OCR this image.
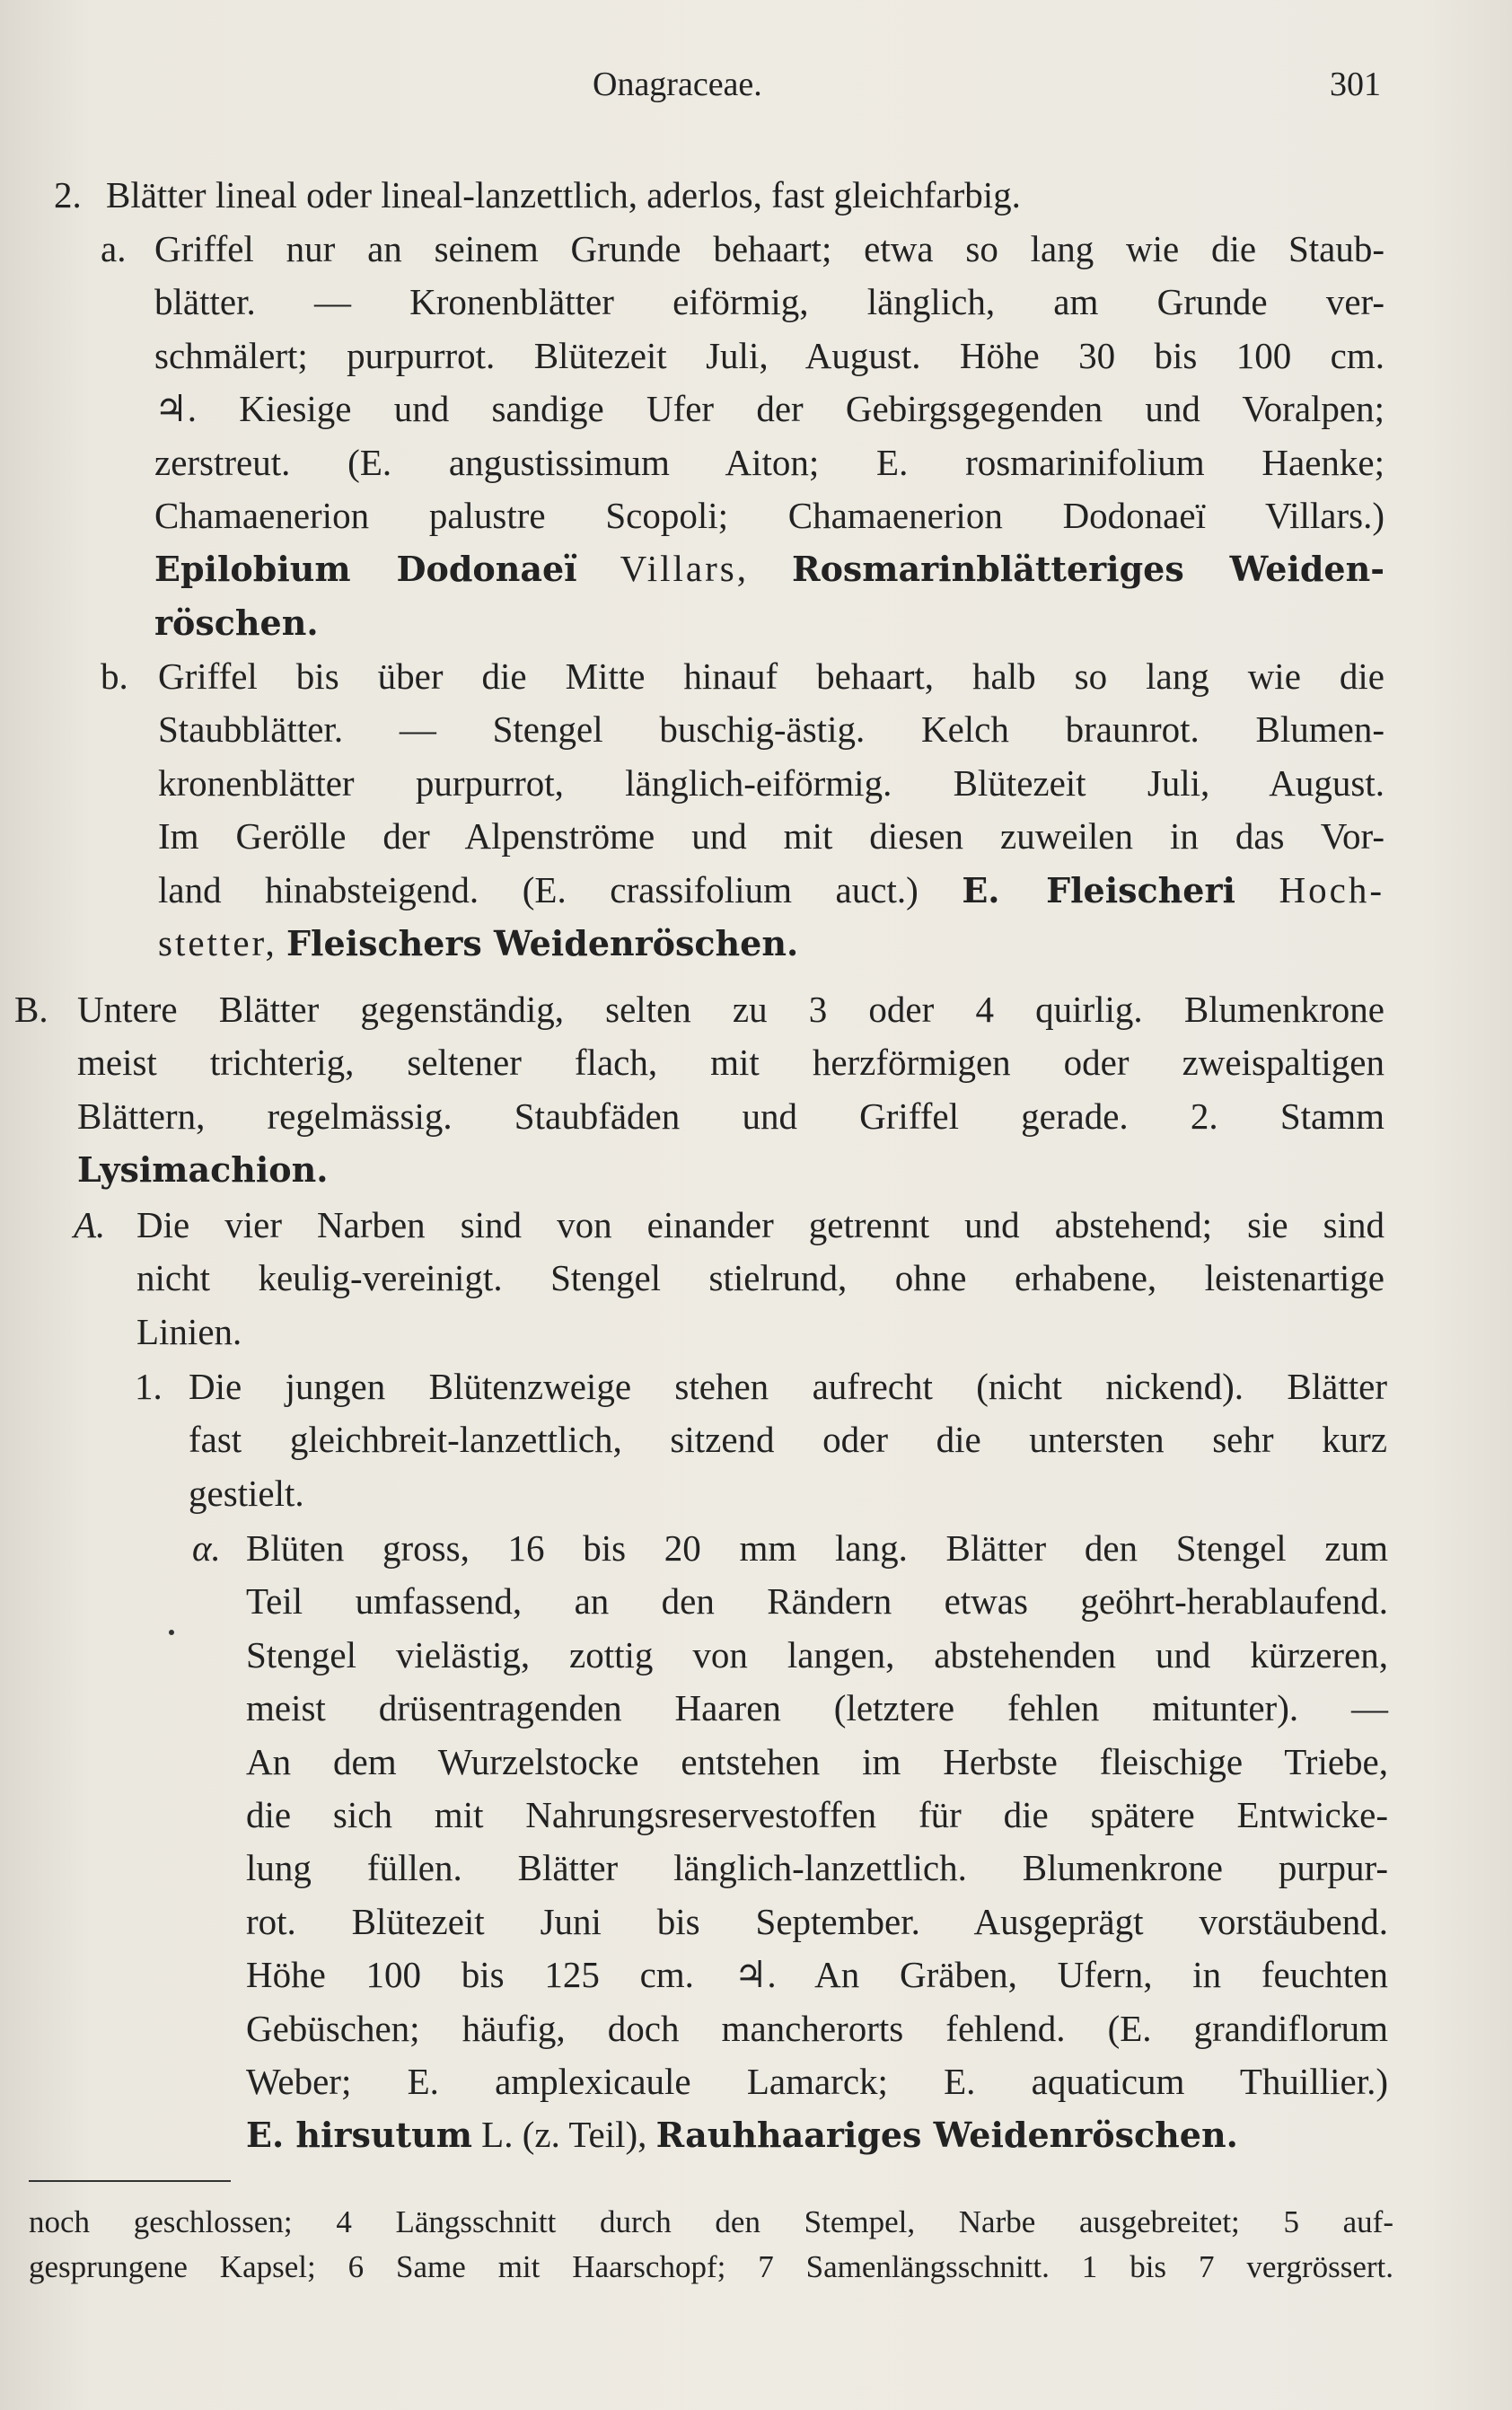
Onagraceae.	301
2. Blätter lineal oder lineal-lanzettlich, aderlos, fast gleichfarbig.
a. Griffel nur an seinem Grunde behaart; etwa so lang wie die Staub-
blätter. — Kronenblätter eiförmig, länglich, am Grunde ver-
schmälert; purpurrot. Blütezeit Juli, August. Höhe 30 bis 100 cm.
♃. Kiesige und sandige Ufer der Gebirgsgegenden und Voralpen;
zerstreut. (E. angustissimum Aiton; E. rosmarinifolium Haenke;
Chamaenerion palustre Scopoli; Chamaenerion Dodonaeï Villars.)
Epilobium Dodonaeï Villars, Rosmarinblätteriges Weiden-
röschen.
b. Griffel bis über die Mitte hinauf behaart, halb so lang wie die
Staubblätter. — Stengel buschig-ästig. Kelch braunrot. Blumen-
kronenblätter purpurrot, länglich-eiförmig. Blütezeit Juli, August.
Im Gerölle der Alpenströme und mit diesen zuweilen in das Vor-
land hinabsteigend. (E. crassifolium auct.) E. Fleischeri Hoch-
stetter, Fleischers Weidenröschen.
B. Untere Blätter gegenständig, selten zu 3 oder 4 quirlig. Blumenkrone
meist trichterig, seltener flach, mit herzförmigen oder zweispaltigen
Blättern, regelmässig. Staubfäden und Griffel gerade. 2. Stamm
Lysimachion.
A. Die vier Narben sind von einander getrennt und abstehend; sie sind
nicht keulig-vereinigt. Stengel stielrund, ohne erhabene, leistenartige
Linien.
1. Die jungen Blütenzweige stehen aufrecht (nicht nickend). Blätter
fast gleichbreit-lanzettlich, sitzend oder die untersten sehr kurz
gestielt.
α. Blüten gross, 16 bis 20 mm lang. Blätter den Stengel zum
Teil umfassend, an den Rändern etwas geöhrt-herablaufend.
Stengel vielästig, zottig von langen, abstehenden und kürzeren,
meist drüsentragenden Haaren (letztere fehlen mitunter). —
An dem Wurzelstocke entstehen im Herbste fleischige Triebe,
die sich mit Nahrungsreservestoffen für die spätere Entwicke-
lung füllen. Blätter länglich-lanzettlich. Blumenkrone purpur-
rot. Blütezeit Juni bis September. Ausgeprägt vorstäubend.
Höhe 100 bis 125 cm. ♃. An Gräben, Ufern, in feuchten
Gebüschen; häufig, doch mancherorts fehlend. (E. grandiflorum
Weber; E. amplexicaule Lamarck; E. aquaticum Thuillier.)
E. hirsutum L. (z. Teil), Rauhhaariges Weidenröschen.
noch geschlossen; 4 Längsschnitt durch den Stempel, Narbe ausgebreitet; 5 auf-
gesprungene Kapsel; 6 Same mit Haarschopf; 7 Samenlängsschnitt. 1 bis 7 vergrössert.
